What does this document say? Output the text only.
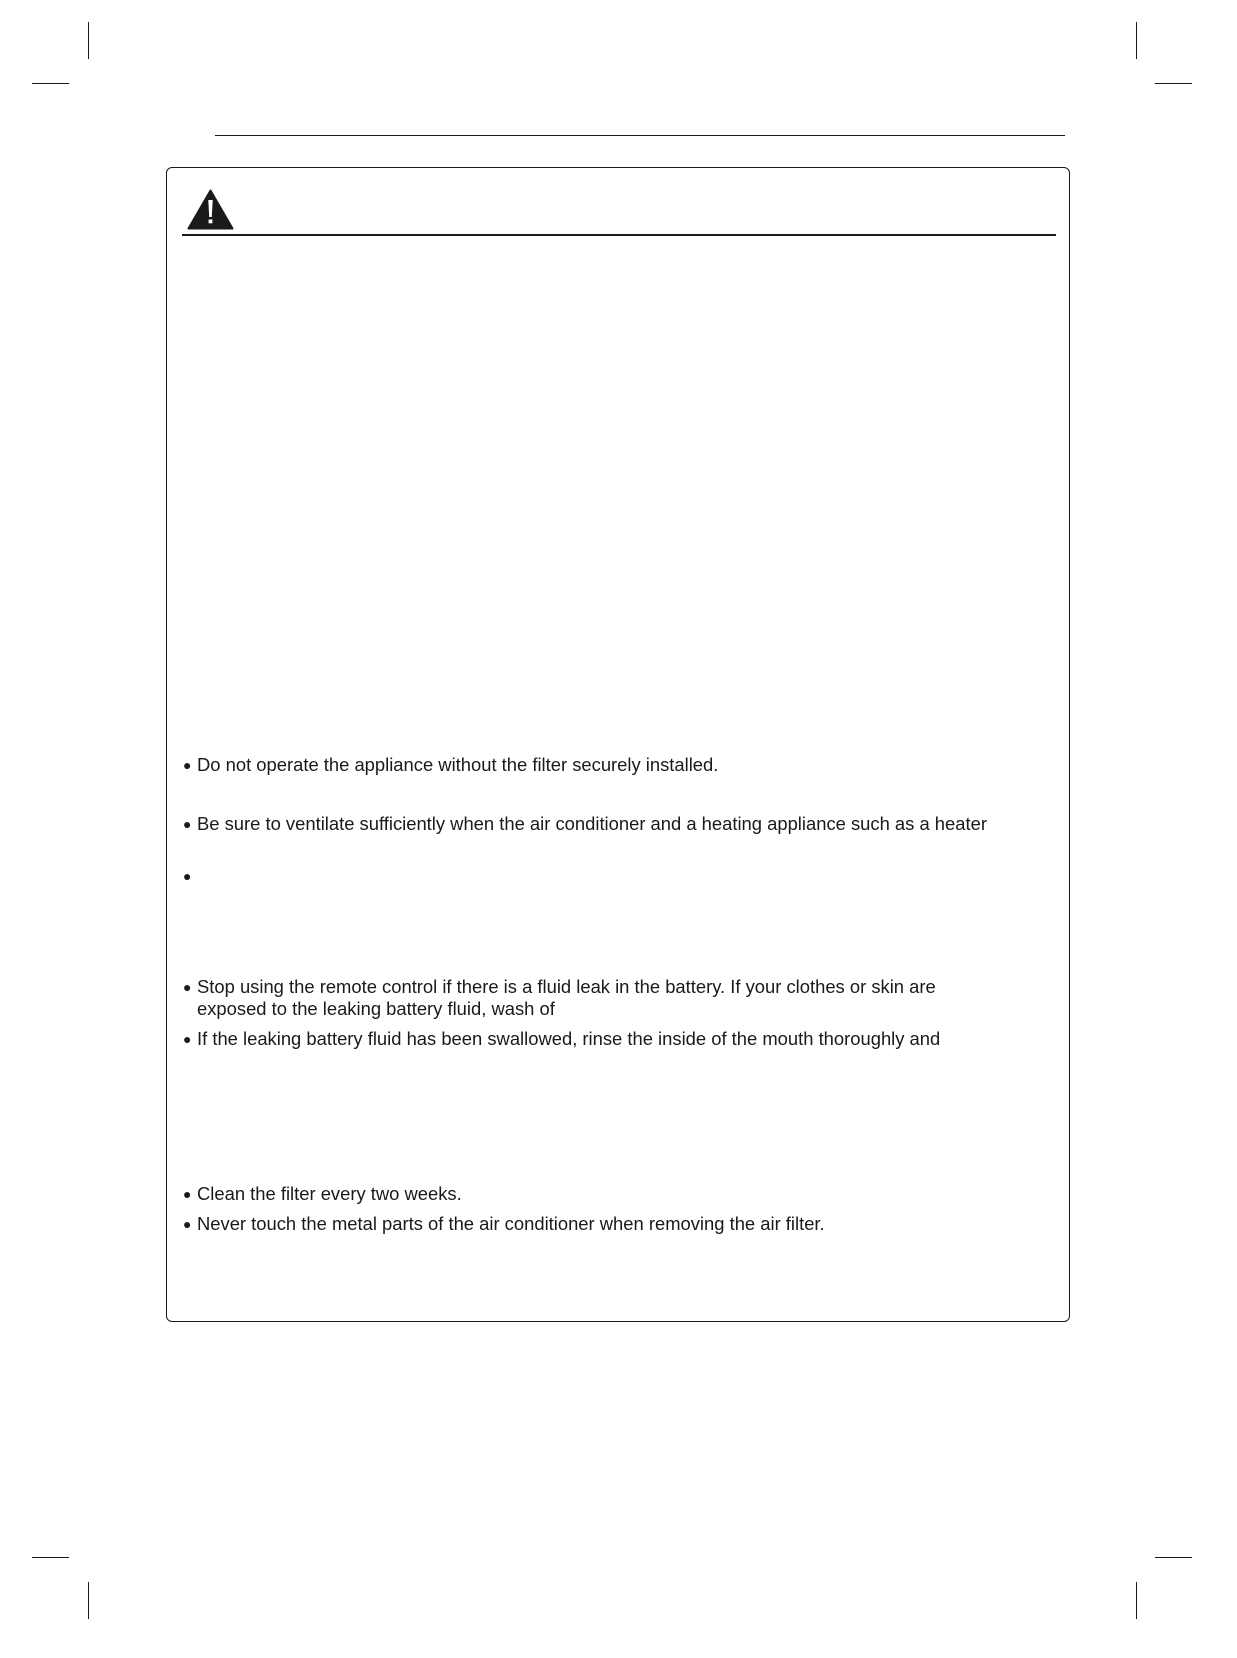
● Do not operate the appliance without the filter securely installed.
● Be sure to ventilate sufficiently when the air conditioner and a heating appliance such as a heater
●
● Stop using the remote control if there is a fluid leak in the battery. If your clothes or skin are
exposed to the leaking battery fluid, wash of
● If the leaking battery fluid has been swallowed, rinse the inside of the mouth thoroughly and
● Clean the filter every two weeks.
● Never touch the metal parts of the air conditioner when removing the air filter.
